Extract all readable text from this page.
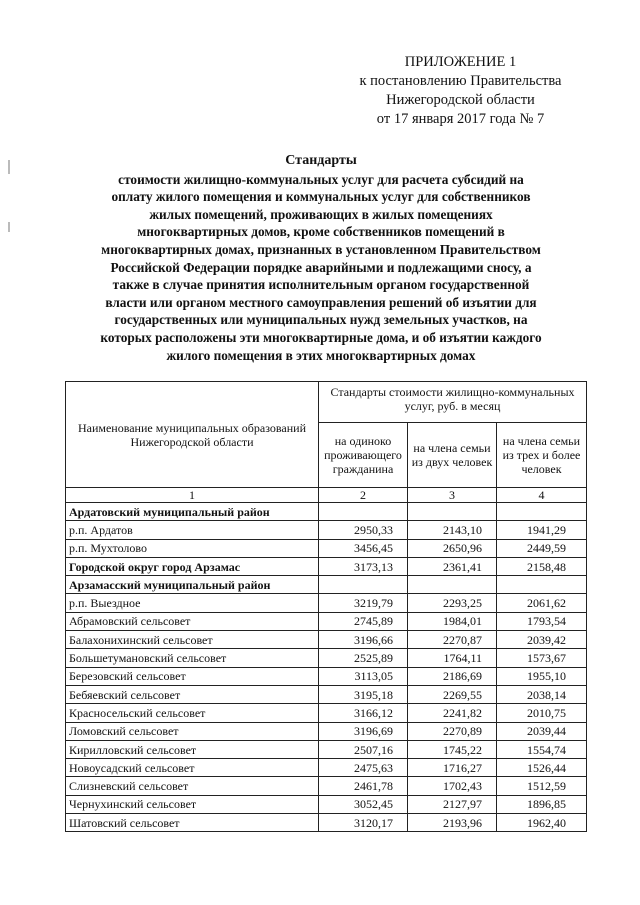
ПРИЛОЖЕНИЕ 1
к постановлению Правительства
Нижегородской области
от 17 января 2017 года № 7
Стандарты
стоимости жилищно-коммунальных услуг для расчета субсидий на
оплату жилого помещения и коммунальных услуг для собственников
жилых помещений, проживающих в жилых помещениях
многоквартирных домов, кроме собственников помещений в
многоквартирных домах, признанных в установленном Правительством
Российской Федерации порядке аварийными и подлежащими сносу, а
также в случае принятия исполнительным органом государственной
власти или органом местного самоуправления решений об изъятии для
государственных или муниципальных нужд земельных участков, на
которых расположены эти многоквартирные дома, и об изъятии каждого
жилого помещения в этих многоквартирных домах
Наименование муниципальных образований Нижегородской области	Стандарты стоимости жилищно-коммунальных услуг, руб. в месяц		
	на одиноко проживающего гражданина	на члена семьи из двух человек	на члена семьи из трех и более человек
1	2	3	4
Ардатовский муниципальный район			
р.п. Ардатов	2950,33	2143,10	1941,29
р.п. Мухтолово	3456,45	2650,96	2449,59
Городской округ город Арзамас	3173,13	2361,41	2158,48
Арзамасский муниципальный район			
р.п. Выездное	3219,79	2293,25	2061,62
Абрамовский сельсовет	2745,89	1984,01	1793,54
Балахонихинский сельсовет	3196,66	2270,87	2039,42
Большетумановский сельсовет	2525,89	1764,11	1573,67
Березовский сельсовет	3113,05	2186,69	1955,10
Бебяевский сельсовет	3195,18	2269,55	2038,14
Красносельский сельсовет	3166,12	2241,82	2010,75
Ломовский сельсовет	3196,69	2270,89	2039,44
Кирилловский сельсовет	2507,16	1745,22	1554,74
Новоусадский сельсовет	2475,63	1716,27	1526,44
Слизневский сельсовет	2461,78	1702,43	1512,59
Чернухинский сельсовет	3052,45	2127,97	1896,85
Шатовский сельсовет	3120,17	2193,96	1962,40
